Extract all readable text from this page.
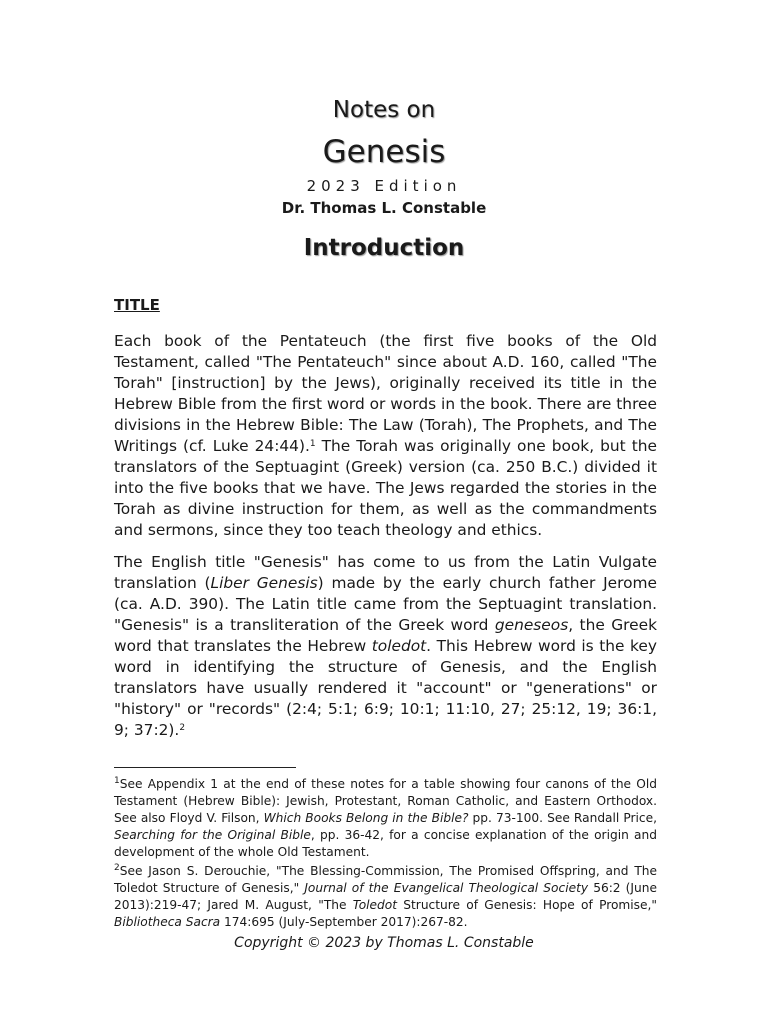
Notes on
Genesis
2023 Edition
Dr. Thomas L. Constable
Introduction
TITLE

Each book of the Pentateuch (the first five books of the Old Testament, called "The Pentateuch" since about A.D. 160, called "The Torah" [instruction] by the Jews), originally received its title in the Hebrew Bible from the first word or words in the book. There are three divisions in the Hebrew Bible: The Law (Torah), The Prophets, and The Writings (cf. Luke 24:44).$^1$ The Torah was originally one book, but the translators of the Septuagint (Greek) version (ca. 250 B.C.) divided it into the five books that we have. The Jews regarded the stories in the Torah as divine instruction for them, as well as the commandments and sermons, since they too teach theology and ethics.

The English title "Genesis" has come to us from the Latin Vulgate translation (Liber Genesis) made by the early church father Jerome (ca. A.D. 390). The Latin title came from the Septuagint translation. "Genesis" is a transliteration of the Greek word geneseos, the Greek word that translates the Hebrew toledot. This Hebrew word is the key word in identifying the structure of Genesis, and the English translators have usually rendered it "account" or "generations" or "history" or "records" (2:4; 5:1; 6:9; 10:1; 11:10, 27; 25:12, 19; 36:1, 9; 37:2).$^2$

$^1$See Appendix 1 at the end of these notes for a table showing four canons of the Old Testament (Hebrew Bible): Jewish, Protestant, Roman Catholic, and Eastern Orthodox. See also Floyd V. Filson, Which Books Belong in the Bible? pp. 73-100. See Randall Price, Searching for the Original Bible, pp. 36-42, for a concise explanation of the origin and development of the whole Old Testament.

$^2$See Jason S. Derouchie, "The Blessing-Commission, The Promised Offspring, and The Toledot Structure of Genesis," Journal of the Evangelical Theological Society 56:2 (June 2013):219-47; Jared M. August, "The Toledot Structure of Genesis: Hope of Promise," Bibliotheca Sacra 174:695 (July-September 2017):267-82.

Copyright © 2023 by Thomas L. Constable
